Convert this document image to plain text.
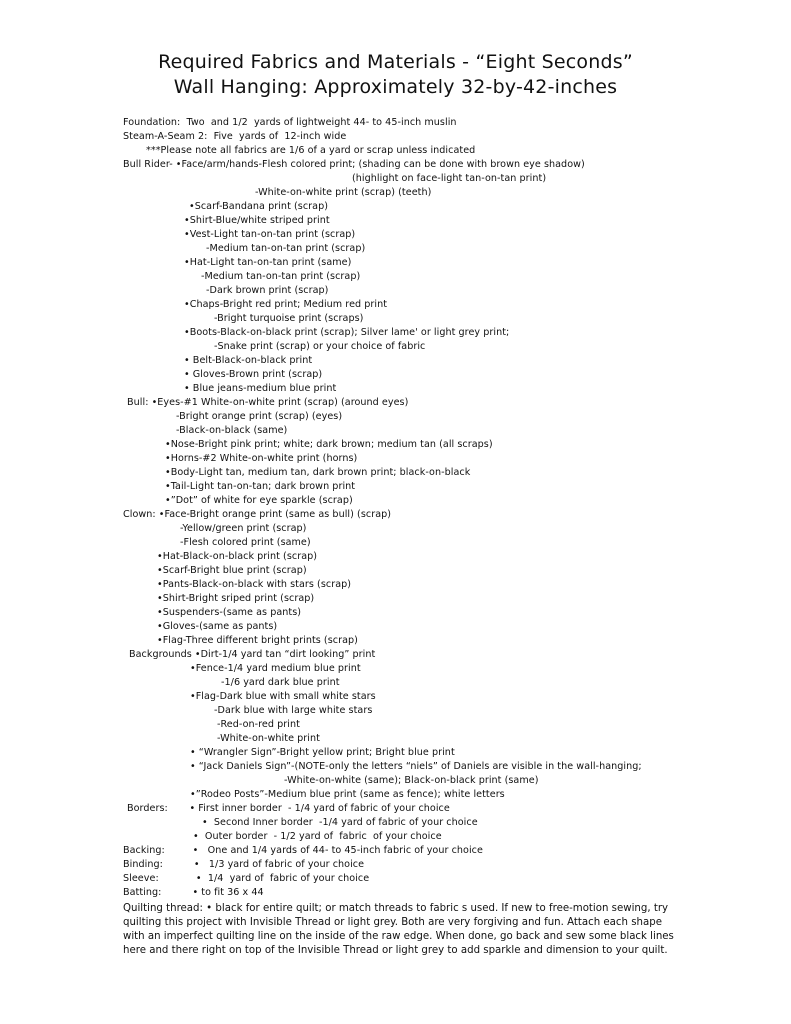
Required Fabrics and Materials - “Eight Seconds”
Wall Hanging: Approximately 32-by-42-inches
Foundation:  Two  and 1/2  yards of lightweight 44- to 45-inch muslin
Steam-A-Seam 2:  Five  yards of  12-inch wide
***Please note all fabrics are 1/6 of a yard or scrap unless indicated
Bull Rider- •Face/arm/hands-Flesh colored print; (shading can be done with brown eye shadow)
(highlight on face-light tan-on-tan print)
-White-on-white print (scrap) (teeth)
•Scarf-Bandana print (scrap)
•Shirt-Blue/white striped print
•Vest-Light tan-on-tan print (scrap)
-Medium tan-on-tan print (scrap)
•Hat-Light tan-on-tan print (same)
-Medium tan-on-tan print (scrap)
-Dark brown print (scrap)
•Chaps-Bright red print; Medium red print
-Bright turquoise print (scraps)
•Boots-Black-on-black print (scrap); Silver lame' or light grey print;
-Snake print (scrap) or your choice of fabric
• Belt-Black-on-black print
• Gloves-Brown print (scrap)
• Blue jeans-medium blue print
Bull: •Eyes-#1 White-on-white print (scrap) (around eyes)
-Bright orange print (scrap) (eyes)
-Black-on-black (same)
•Nose-Bright pink print; white; dark brown; medium tan (all scraps)
•Horns-#2 White-on-white print (horns)
•Body-Light tan, medium tan, dark brown print; black-on-black
•Tail-Light tan-on-tan; dark brown print
•”Dot” of white for eye sparkle (scrap)
Clown: •Face-Bright orange print (same as bull) (scrap)
-Yellow/green print (scrap)
-Flesh colored print (same)
•Hat-Black-on-black print (scrap)
•Scarf-Bright blue print (scrap)
•Pants-Black-on-black with stars (scrap)
•Shirt-Bright sriped print (scrap)
•Suspenders-(same as pants)
•Gloves-(same as pants)
•Flag-Three different bright prints (scrap)
Backgrounds •Dirt-1/4 yard tan “dirt looking” print
•Fence-1/4 yard medium blue print
-1/6 yard dark blue print
•Flag-Dark blue with small white stars
-Dark blue with large white stars
-Red-on-red print
-White-on-white print
• “Wrangler Sign”-Bright yellow print; Bright blue print
• “Jack Daniels Sign”-(NOTE-only the letters “niels” of Daniels are visible in the wall-hanging;
-White-on-white (same); Black-on-black print (same)
•”Rodeo Posts”-Medium blue print (same as fence); white letters
Borders:       • First inner border  - 1/4 yard of fabric of your choice
•  Second Inner border  -1/4 yard of fabric of your choice
•  Outer border  - 1/2 yard of  fabric  of your choice
Backing:         •   One and 1/4 yards of 44- to 45-inch fabric of your choice
Binding:          •   1/3 yard of fabric of your choice
Sleeve:            •  1/4  yard of  fabric of your choice
Batting:          • to fit 36 x 44
Quilting thread: • black for entire quilt; or match threads to fabric s used. If new to free-motion sewing, try quilting this project with Invisible Thread or light grey. Both are very forgiving and fun. Attach each shape with an imperfect quilting line on the inside of the raw edge. When done, go back and sew some black lines here and there right on top of the Invisible Thread or light grey to add sparkle and dimension to your quilt.
